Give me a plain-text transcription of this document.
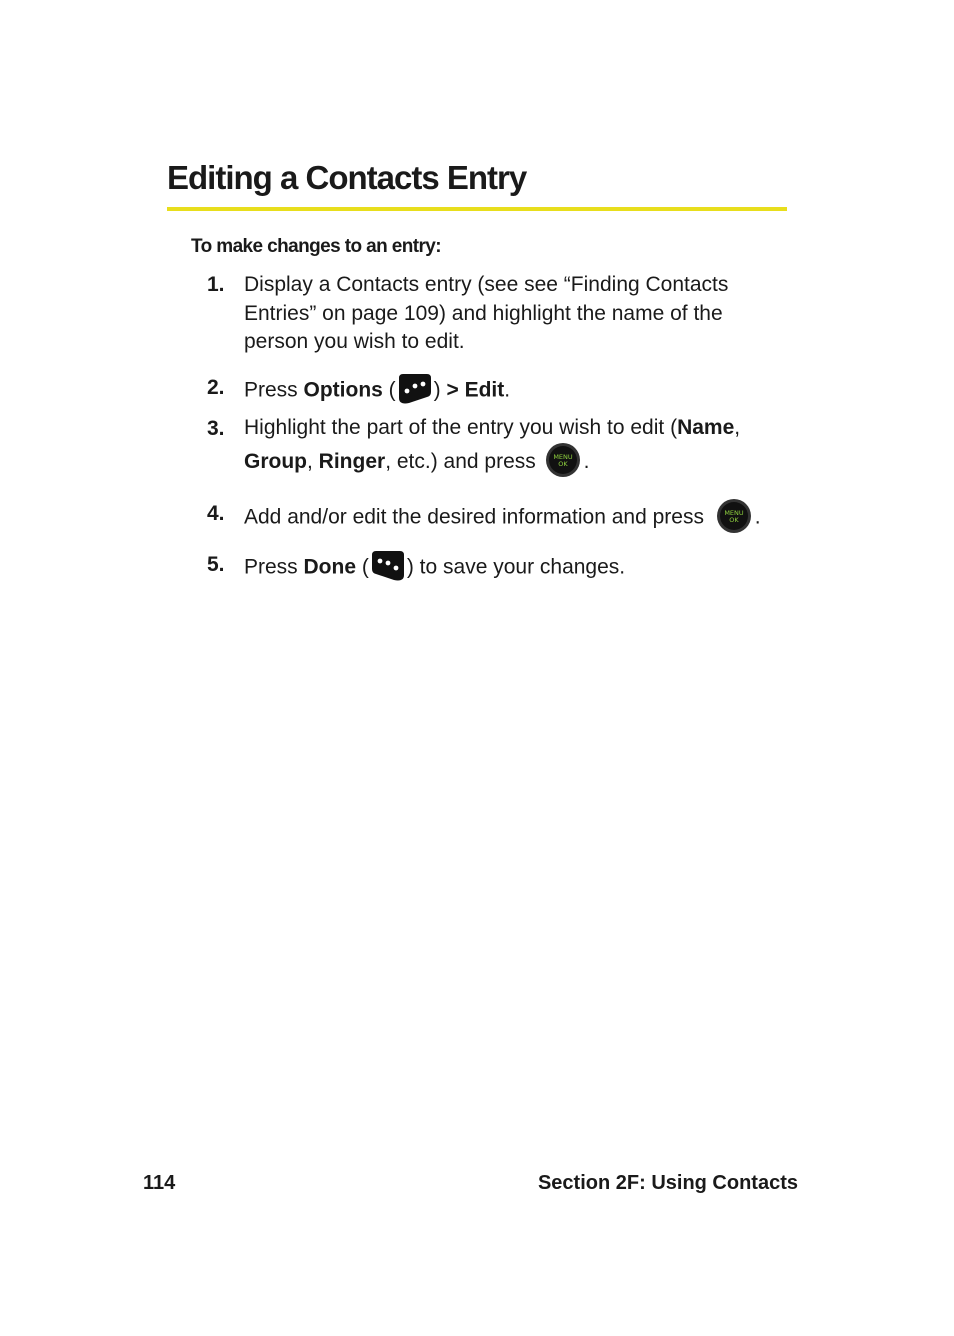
Editing a Contacts Entry
To make changes to an entry:
1. Display a Contacts entry (see see “Finding Contacts
Entries” on page 109) and highlight the name of the
person you wish to edit.
2. Press Options ( ) > Edit.
3. Highlight the part of the entry you wish to edit (Name,
Group, Ringer, etc.) and press MENU
OK .
4. Add and/or edit the desired information and press MENU
OK .
5. Press Done ( ) to save your changes.
114	Section 2F: Using Contacts
